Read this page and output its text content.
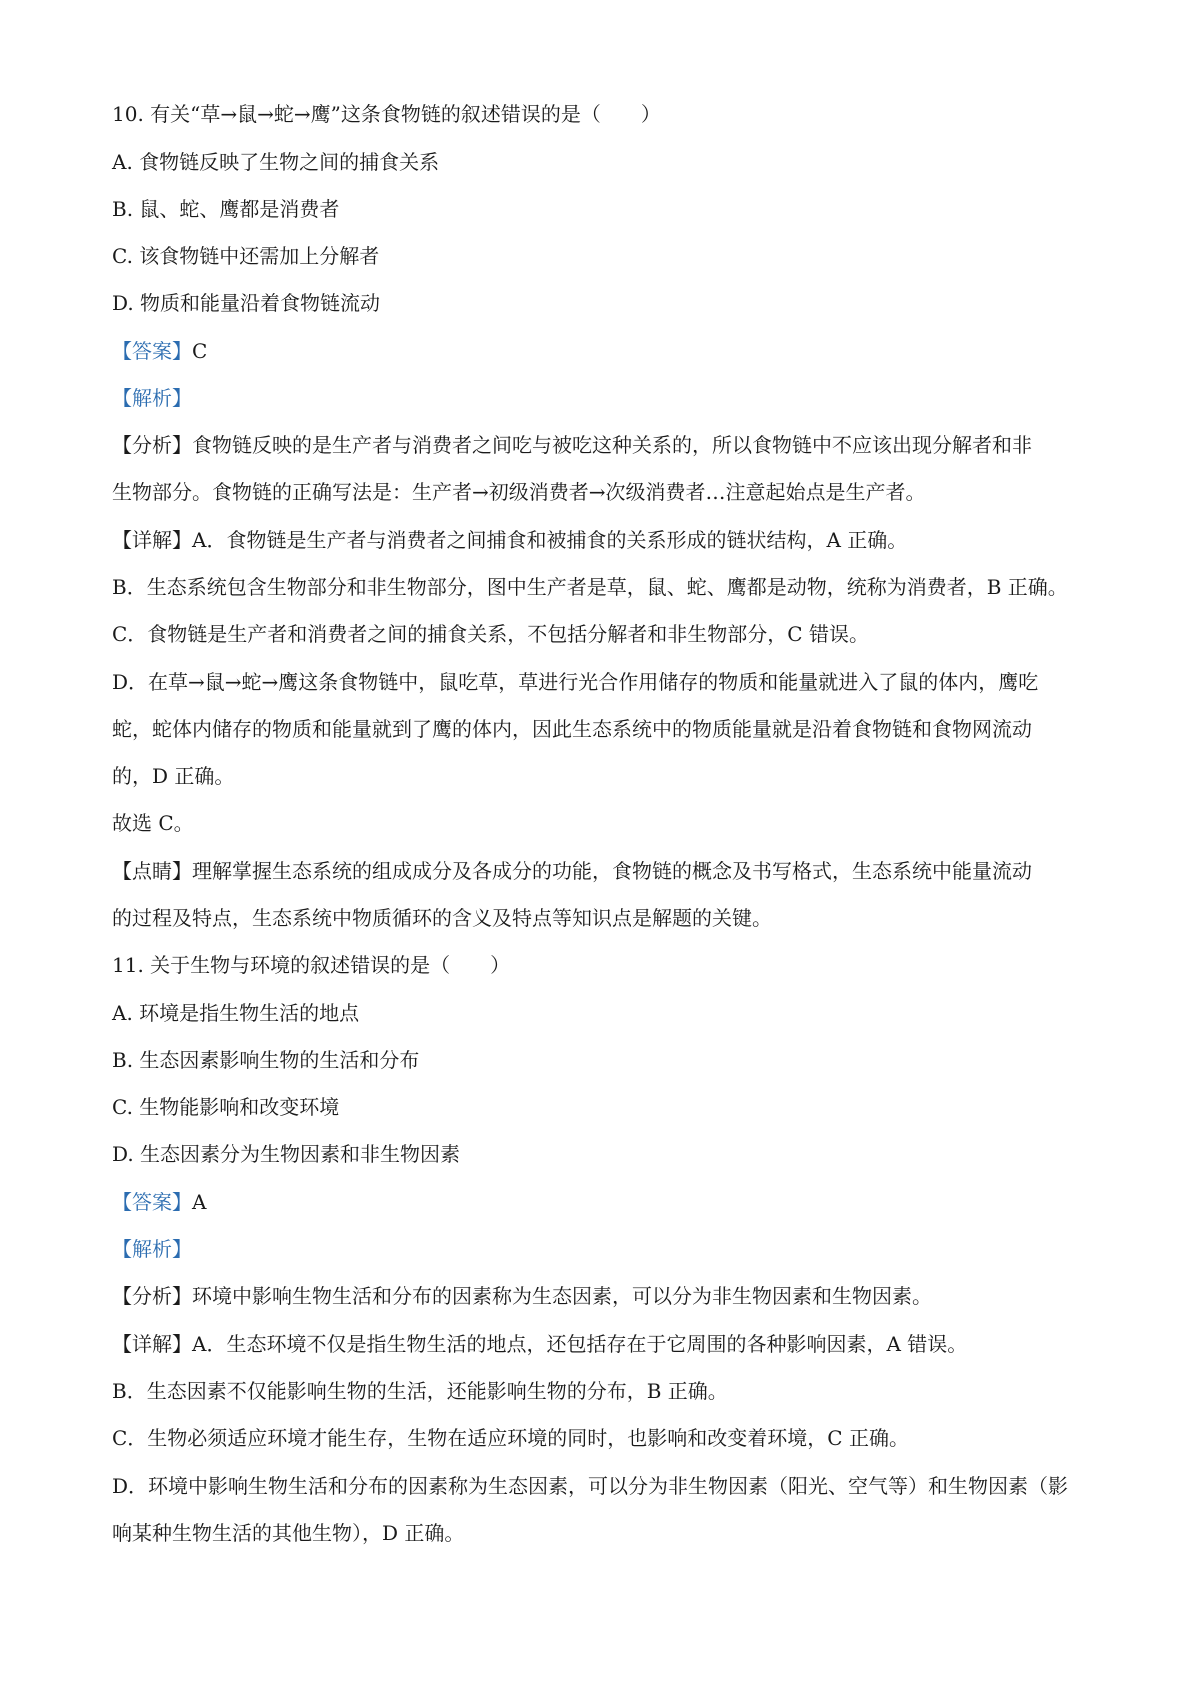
10. 有关“草→鼠→蛇→鹰”这条食物链的叙述错误的是（　　）
A. 食物链反映了生物之间的捕食关系
B. 鼠、蛇、鹰都是消费者
C. 该食物链中还需加上分解者
D. 物质和能量沿着食物链流动
【答案】C
【解析】
【分析】食物链反映的是生产者与消费者之间吃与被吃这种关系的，所以食物链中不应该出现分解者和非
生物部分。食物链的正确写法是：生产者→初级消费者→次级消费者…注意起始点是生产者。
【详解】A．食物链是生产者与消费者之间捕食和被捕食的关系形成的链状结构，A 正确。
B．生态系统包含生物部分和非生物部分，图中生产者是草，鼠、蛇、鹰都是动物，统称为消费者，B 正确。
C．食物链是生产者和消费者之间的捕食关系，不包括分解者和非生物部分，C 错误。
D．在草→鼠→蛇→鹰这条食物链中，鼠吃草，草进行光合作用储存的物质和能量就进入了鼠的体内，鹰吃
蛇，蛇体内储存的物质和能量就到了鹰的体内，因此生态系统中的物质能量就是沿着食物链和食物网流动
的，D 正确。
故选 C。
【点睛】理解掌握生态系统的组成成分及各成分的功能，食物链的概念及书写格式，生态系统中能量流动
的过程及特点，生态系统中物质循环的含义及特点等知识点是解题的关键。
11. 关于生物与环境的叙述错误的是（　　）
A. 环境是指生物生活的地点
B. 生态因素影响生物的生活和分布
C. 生物能影响和改变环境
D. 生态因素分为生物因素和非生物因素
【答案】A
【解析】
【分析】环境中影响生物生活和分布的因素称为生态因素，可以分为非生物因素和生物因素。
【详解】A．生态环境不仅是指生物生活的地点，还包括存在于它周围的各种影响因素，A 错误。
B．生态因素不仅能影响生物的生活，还能影响生物的分布，B 正确。
C．生物必须适应环境才能生存，生物在适应环境的同时，也影响和改变着环境，C 正确。
D．环境中影响生物生活和分布的因素称为生态因素，可以分为非生物因素（阳光、空气等）和生物因素（影
响某种生物生活的其他生物），D 正确。
